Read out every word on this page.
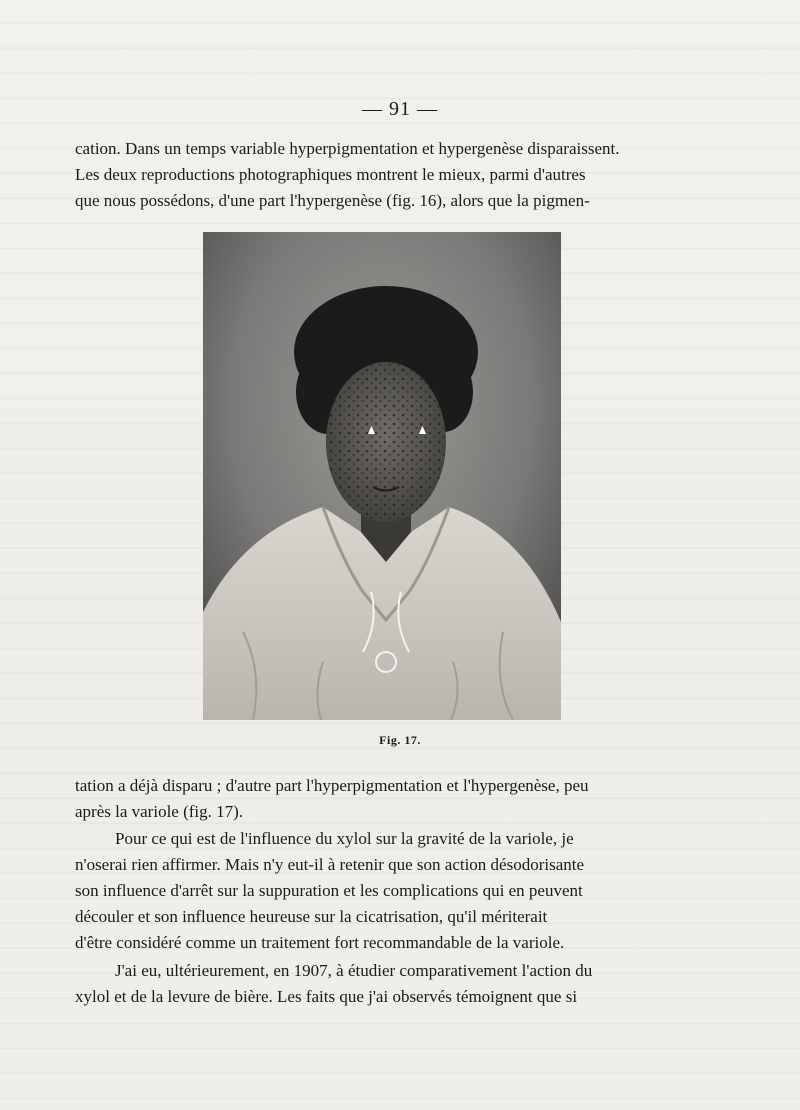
— 91 —
cation. Dans un temps variable hyperpigmentation et hypergenèse disparaissent.
Les deux reproductions photographiques montrent le mieux, parmi d'autres
que nous possédons, d'une part l'hypergenèse (fig. 16), alors que la pigmen-
Fig. 17.
tation a déjà disparu ; d'autre part l'hyperpigmentation et l'hypergenèse, peu
après la variole (fig. 17).
Pour ce qui est de l'influence du xylol sur la gravité de la variole, je
n'oserai rien affirmer. Mais n'y eut-il à retenir que son action désodorisante
son influence d'arrêt sur la suppuration et les complications qui en peuvent
découler et son influence heureuse sur la cicatrisation, qu'il mériterait
d'être considéré comme un traitement fort recommandable de la variole.
J'ai eu, ultérieurement, en 1907, à étudier comparativement l'action du
xylol et de la levure de bière. Les faits que j'ai observés témoignent que si
